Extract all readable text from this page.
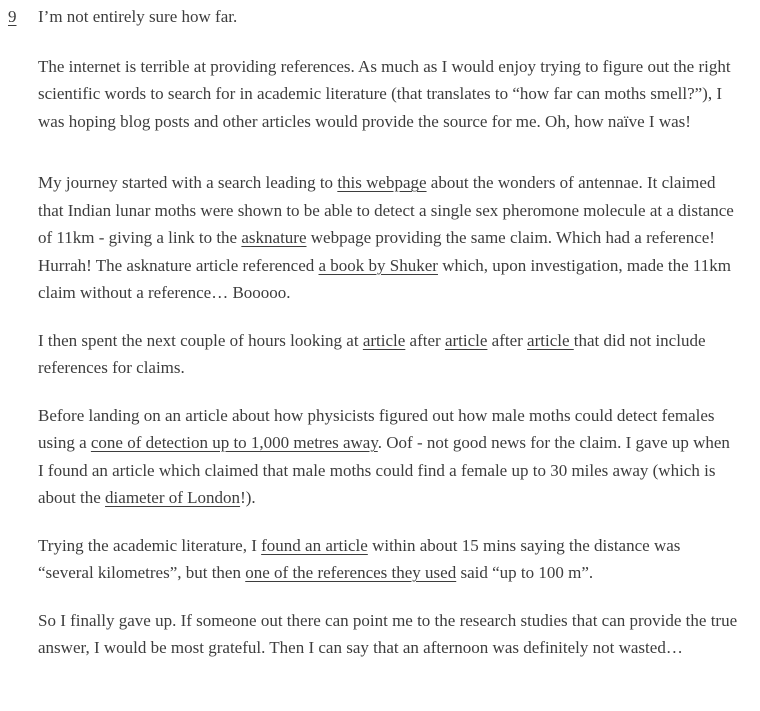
9 I’m not entirely sure how far.

The internet is terrible at providing references. As much as I would enjoy trying to figure out the right scientific words to search for in academic literature (that translates to “how far can moths smell?”), I was hoping blog posts and other articles would provide the source for me. Oh, how naïve I was!

My journey started with a search leading to this webpage about the wonders of antennae. It claimed that Indian lunar moths were shown to be able to detect a single sex pheromone molecule at a distance of 11km - giving a link to the asknature webpage providing the same claim. Which had a reference! Hurrah! The asknature article referenced a book by Shuker which, upon investigation, made the 11km claim without a reference… Booooo.

I then spent the next couple of hours looking at article after article after article that did not include references for claims.

Before landing on an article about how physicists figured out how male moths could detect females using a cone of detection up to 1,000 metres away. Oof - not good news for the claim. I gave up when I found an article which claimed that male moths could find a female up to 30 miles away (which is about the diameter of London!).

Trying the academic literature, I found an article within about 15 mins saying the distance was “several kilometres”, but then one of the references they used said “up to 100 m”.

So I finally gave up. If someone out there can point me to the research studies that can provide the true answer, I would be most grateful. Then I can say that an afternoon was definitely not wasted…
